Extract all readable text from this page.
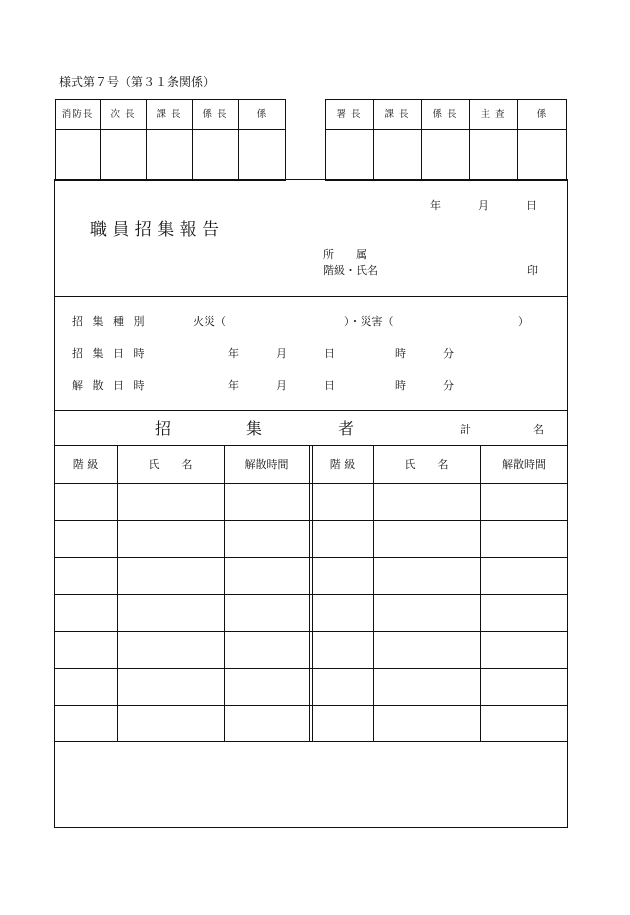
様式第７号（第３１条関係）
消防長	次 長	課 長	係 長	係	署 長	課 長	係 長	主 査	係
年	月	日
職 員 招 集 報 告
所　　属
階級・氏名	印
招 集 種 別	火災（	）・災害（	）
招 集 日 時	年	月	日	時	分
解 散 日 時	年	月	日	時	分
招	集	者	計	名
階 級	氏　　名	解散時間	階 級	氏　　名	解散時間
